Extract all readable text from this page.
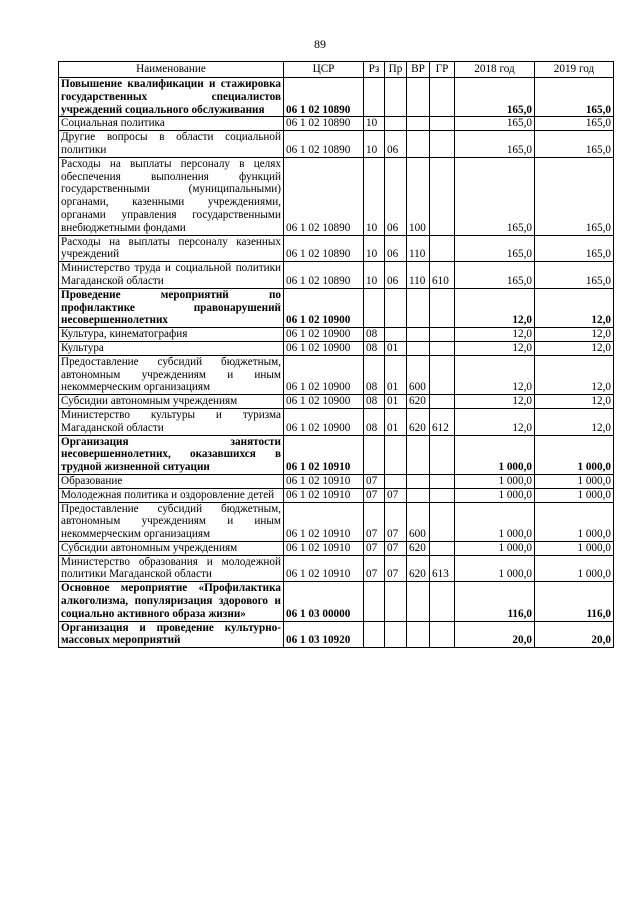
89
Наименование	ЦСР	Рз	Пр	ВР	ГР	2018 год	2019 год
Повышение квалификации и стажировка государственных специалистов учреждений социального обслуживания	06 1 02 10890					165,0	165,0
Социальная политика	06 1 02 10890	10				165,0	165,0
Другие вопросы в области социальной политики	06 1 02 10890	10	06			165,0	165,0
Расходы на выплаты персоналу в целях обеспечения выполнения функций государственными (муниципальными) органами, казенными учреждениями, органами управления государственными внебюджетными фондами	06 1 02 10890	10	06	100		165,0	165,0
Расходы на выплаты персоналу казенных учреждений	06 1 02 10890	10	06	110		165,0	165,0
Министерство труда и социальной политики Магаданской области	06 1 02 10890	10	06	110	610	165,0	165,0
Проведение мероприятий по профилактике правонарушений несовершеннолетних	06 1 02 10900					12,0	12,0
Культура, кинематография	06 1 02 10900	08				12,0	12,0
Культура	06 1 02 10900	08	01			12,0	12,0
Предоставление субсидий бюджетным, автономным учреждениям и иным некоммерческим организациям	06 1 02 10900	08	01	600		12,0	12,0
Субсидии автономным учреждениям	06 1 02 10900	08	01	620		12,0	12,0
Министерство культуры и туризма Магаданской области	06 1 02 10900	08	01	620	612	12,0	12,0
Организация занятости несовершеннолетних, оказавшихся в трудной жизненной ситуации	06 1 02 10910					1 000,0	1 000,0
Образование	06 1 02 10910	07				1 000,0	1 000,0
Молодежная политика и оздоровление детей	06 1 02 10910	07	07			1 000,0	1 000,0
Предоставление субсидий бюджетным, автономным учреждениям и иным некоммерческим организациям	06 1 02 10910	07	07	600		1 000,0	1 000,0
Субсидии автономным учреждениям	06 1 02 10910	07	07	620		1 000,0	1 000,0
Министерство образования и молодежной политики Магаданской области	06 1 02 10910	07	07	620	613	1 000,0	1 000,0
Основное мероприятие «Профилактика алкоголизма, популяризация здорового и социально активного образа жизни»	06 1 03 00000					116,0	116,0
Организация и проведение культурно-массовых мероприятий	06 1 03 10920					20,0	20,0
